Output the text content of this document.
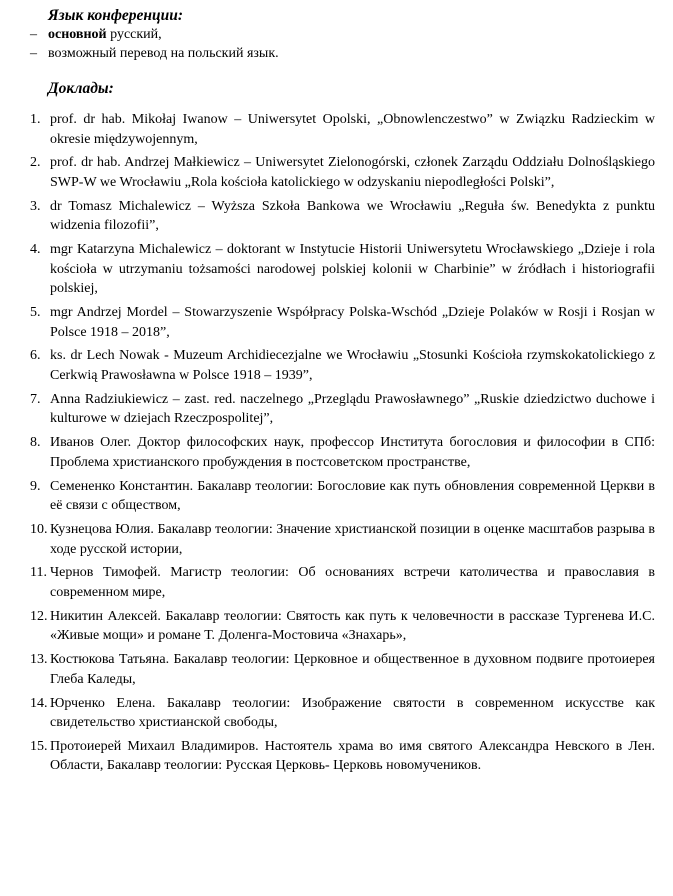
Язык конференции:
– основной русский,
– возможный перевод на польский язык.
Доклады:
1. prof. dr hab. Mikołaj Iwanow – Uniwersytet Opolski, „Obnowlenczestwo” w Związku Radzieckim w okresie międzywojennym,
2. prof. dr hab. Andrzej Małkiewicz – Uniwersytet Zielonogórski, członek Zarządu Oddziału Dolnośląskiego SWP-W we Wrocławiu „Rola kościoła katolickiego w odzyskaniu niepodległości Polski”,
3. dr Tomasz Michalewicz – Wyższa Szkoła Bankowa we Wrocławiu „Reguła św. Benedykta z punktu widzenia filozofii”,
4. mgr Katarzyna Michalewicz – doktorant w Instytucie Historii Uniwersytetu Wrocławskiego „Dzieje i rola kościoła w utrzymaniu tożsamości narodowej polskiej kolonii w Charbinie” w źródłach i historiografii polskiej,
5. mgr Andrzej Mordel – Stowarzyszenie Współpracy Polska-Wschód „Dzieje Polaków w Rosji i Rosjan w Polsce 1918 – 2018”,
6. ks. dr Lech Nowak - Muzeum Archidiecezjalne we Wrocławiu „Stosunki Kościoła rzymskokatolickiego z Cerkwią Prawosławna w Polsce 1918 – 1939”,
7. Anna Radziukiewicz – zast. red. naczelnego „Przeglądu Prawosławnego” „Ruskie dziedzictwo duchowe i kulturowe w dziejach Rzeczpospolitej”,
8. Иванов Олег. Доктор философских наук, профессор Института богословия и философии в СПб: Проблема христианского пробуждения в постсоветском пространстве,
9. Семененко Константин. Бакалавр теологии: Богословие как путь обновления современной Церкви в её связи с обществом,
10. Кузнецова Юлия. Бакалавр теологии: Значение христианской позиции в оценке масштабов разрыва в ходе русской истории,
11. Чернов Тимофей. Магистр теологии: Об основаниях встречи католичества и православия в современном мире,
12. Никитин Алексей. Бакалавр теологии: Святость как путь к человечности в рассказе Тургенева И.С. «Живые мощи» и романе Т. Доленга-Мостовича «Знахарь»,
13. Костюкова Татьяна. Бакалавр теологии: Церковное и общественное в духовном подвиге протоиерея Глеба Каледы,
14. Юрченко Елена. Бакалавр теологии: Изображение святости в современном искусстве как свидетельство христианской свободы,
15. Протоиерей Михаил Владимиров. Настоятель храма во имя святого Александра Невского в Лен. Области, Бакалавр теологии: Русская Церковь- Церковь новомучеников.
